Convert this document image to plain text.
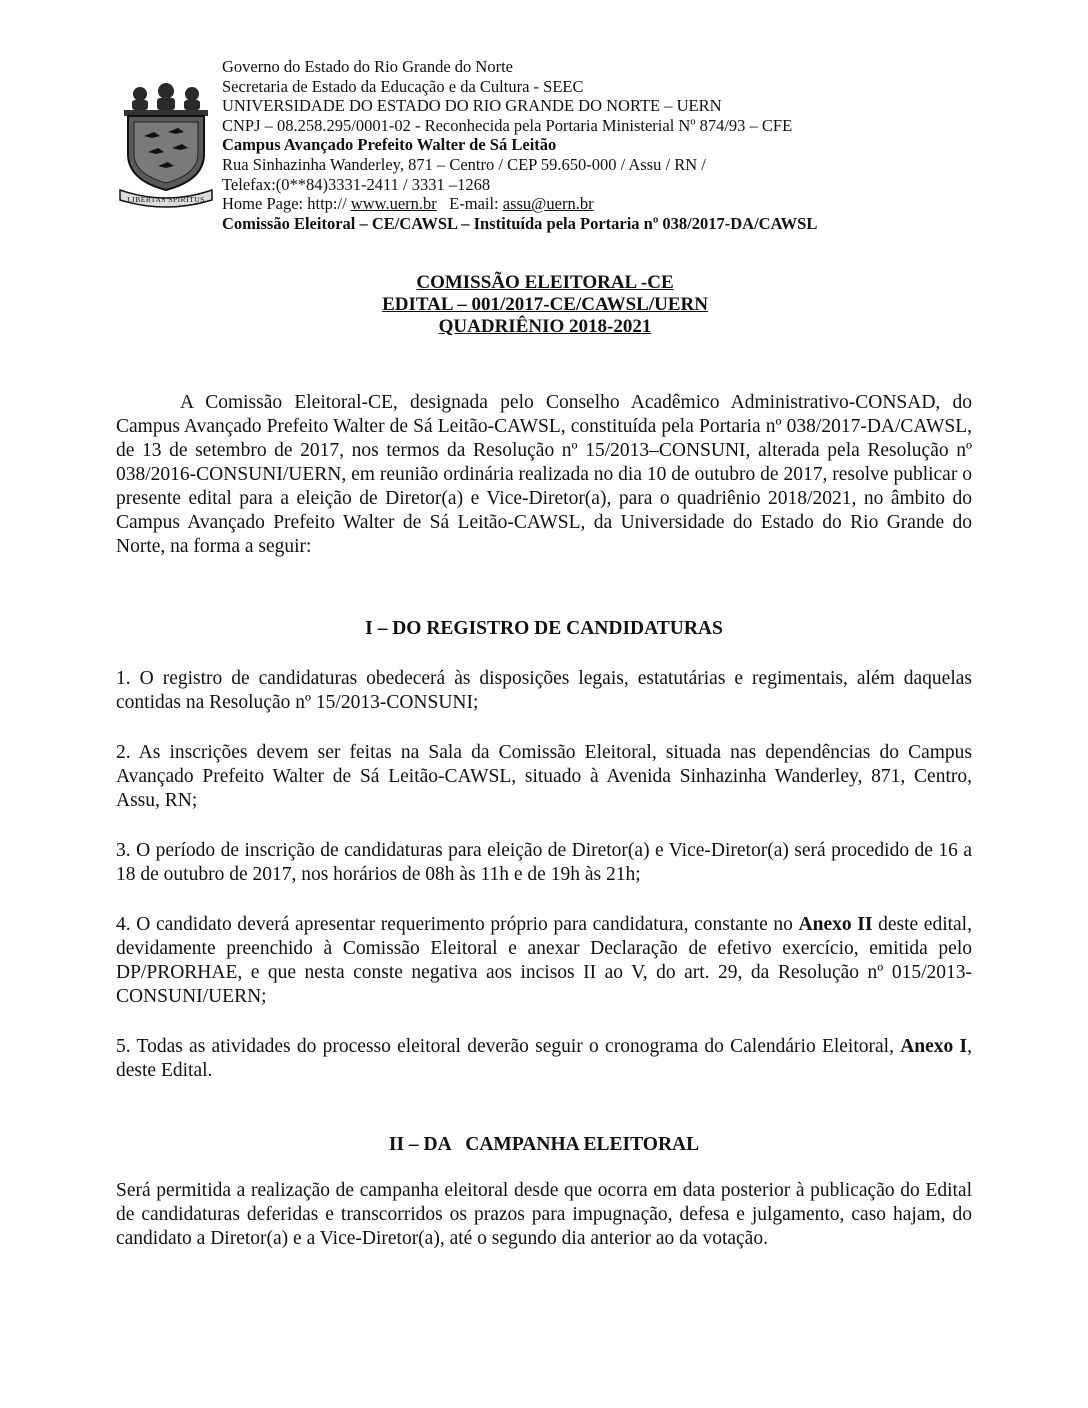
LIBERTAS SPIRITUS
Governo do Estado do Rio Grande do Norte
Secretaria de Estado da Educação e da Cultura - SEEC
UNIVERSIDADE DO ESTADO DO RIO GRANDE DO NORTE – UERN
CNPJ – 08.258.295/0001-02 - Reconhecida pela Portaria Ministerial Nº 874/93 – CFE
Campus Avançado Prefeito Walter de Sá Leitão
Rua Sinhazinha Wanderley, 871 – Centro / CEP 59.650-000 / Assu / RN /
Telefax:(0**84)3331-2411 / 3331 –1268
Home Page: http:// www.uern.br   E-mail: assu@uern.br
Comissão Eleitoral – CE/CAWSL – Instituída pela Portaria nº 038/2017-DA/CAWSL
COMISSÃO ELEITORAL -CE
EDITAL – 001/2017-CE/CAWSL/UERN
QUADRIÊNIO 2018-2021

A Comissão Eleitoral-CE, designada pelo Conselho Acadêmico Administrativo-CONSAD, do Campus Avançado Prefeito Walter de Sá Leitão-CAWSL, constituída pela Portaria nº 038/2017-DA/CAWSL, de 13 de setembro de 2017, nos termos da Resolução nº 15/2013–CONSUNI, alterada pela Resolução nº 038/2016-CONSUNI/UERN, em reunião ordinária realizada no dia 10 de outubro de 2017, resolve publicar o presente edital para a eleição de Diretor(a) e Vice-Diretor(a), para o quadriênio 2018/2021, no âmbito do Campus Avançado Prefeito Walter de Sá Leitão-CAWSL, da Universidade do Estado do Rio Grande do Norte, na forma a seguir:

I – DO REGISTRO DE CANDIDATURAS

1. O registro de candidaturas obedecerá às disposições legais, estatutárias e regimentais, além daquelas contidas na Resolução nº 15/2013-CONSUNI;

2. As inscrições devem ser feitas na Sala da Comissão Eleitoral, situada nas dependências do Campus Avançado Prefeito Walter de Sá Leitão-CAWSL, situado à Avenida Sinhazinha Wanderley, 871, Centro, Assu, RN;

3. O período de inscrição de candidaturas para eleição de Diretor(a) e Vice-Diretor(a) será procedido de 16 a 18 de outubro de 2017, nos horários de 08h às 11h e de 19h às 21h;

4. O candidato deverá apresentar requerimento próprio para candidatura, constante no Anexo II deste edital, devidamente preenchido à Comissão Eleitoral e anexar Declaração de efetivo exercício, emitida pelo DP/PRORHAE, e que nesta conste negativa aos incisos II ao V, do art. 29, da Resolução nº 015/2013-CONSUNI/UERN;

5. Todas as atividades do processo eleitoral deverão seguir o cronograma do Calendário Eleitoral, Anexo I, deste Edital.

II – DA   CAMPANHA ELEITORAL

Será permitida a realização de campanha eleitoral desde que ocorra em data posterior à publicação do Edital de candidaturas deferidas e transcorridos os prazos para impugnação, defesa e julgamento, caso hajam, do candidato a Diretor(a) e a Vice-Diretor(a), até o segundo dia anterior ao da votação.
